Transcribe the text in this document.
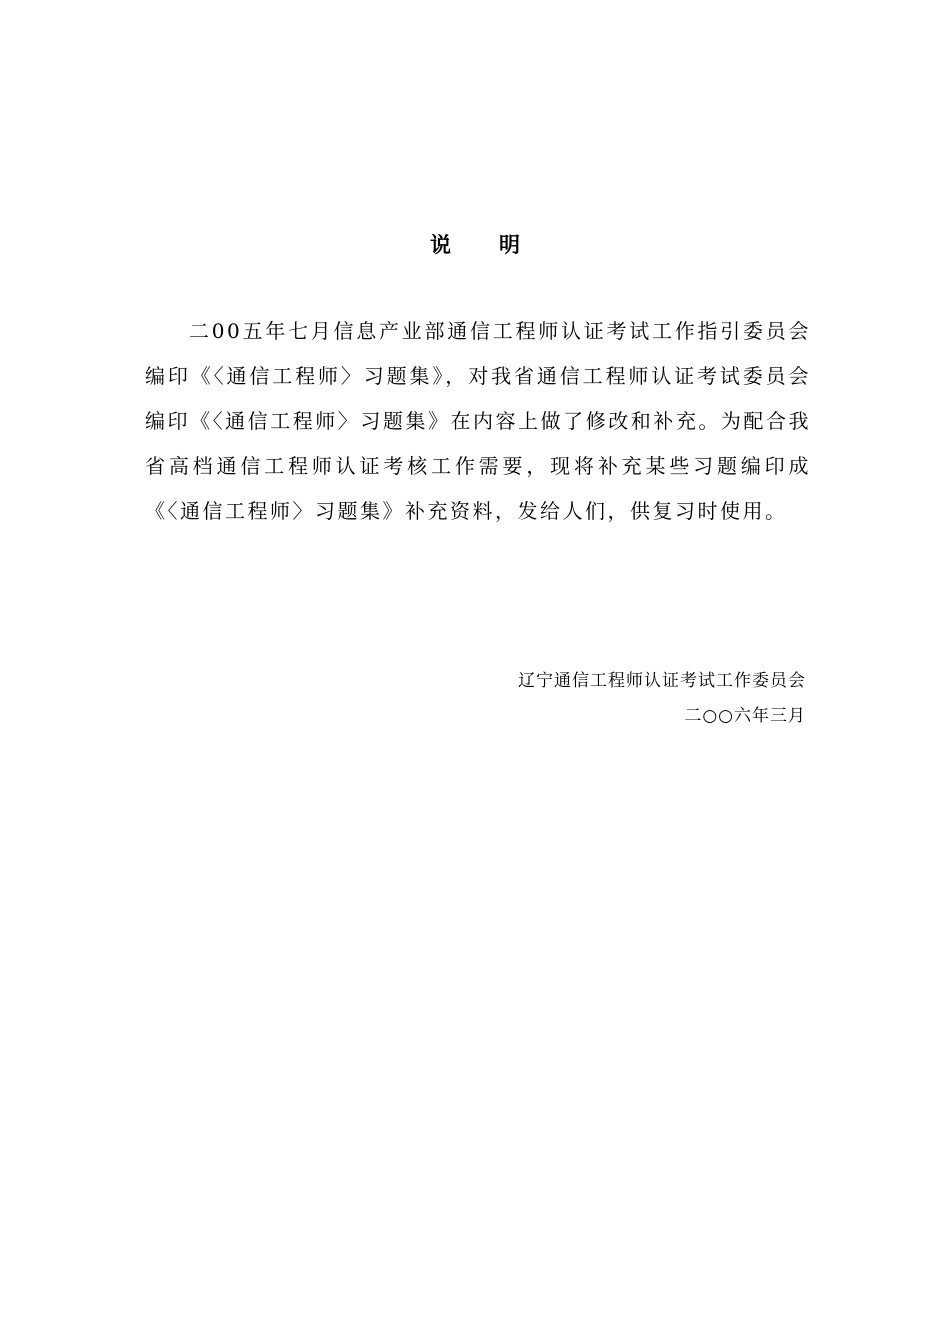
说明
二00五年七月信息产业部通信工程师认证考试工作指引委员会编印《〈通信工程师〉习题集》，对我省通信工程师认证考试委员会编印《〈通信工程师〉习题集》在内容上做了修改和补充。为配合我省高档通信工程师认证考核工作需要，现将补充某些习题编印成《〈通信工程师〉习题集》补充资料，发给人们，供复习时使用。
辽宁通信工程师认证考试工作委员会
二○○六年三月
